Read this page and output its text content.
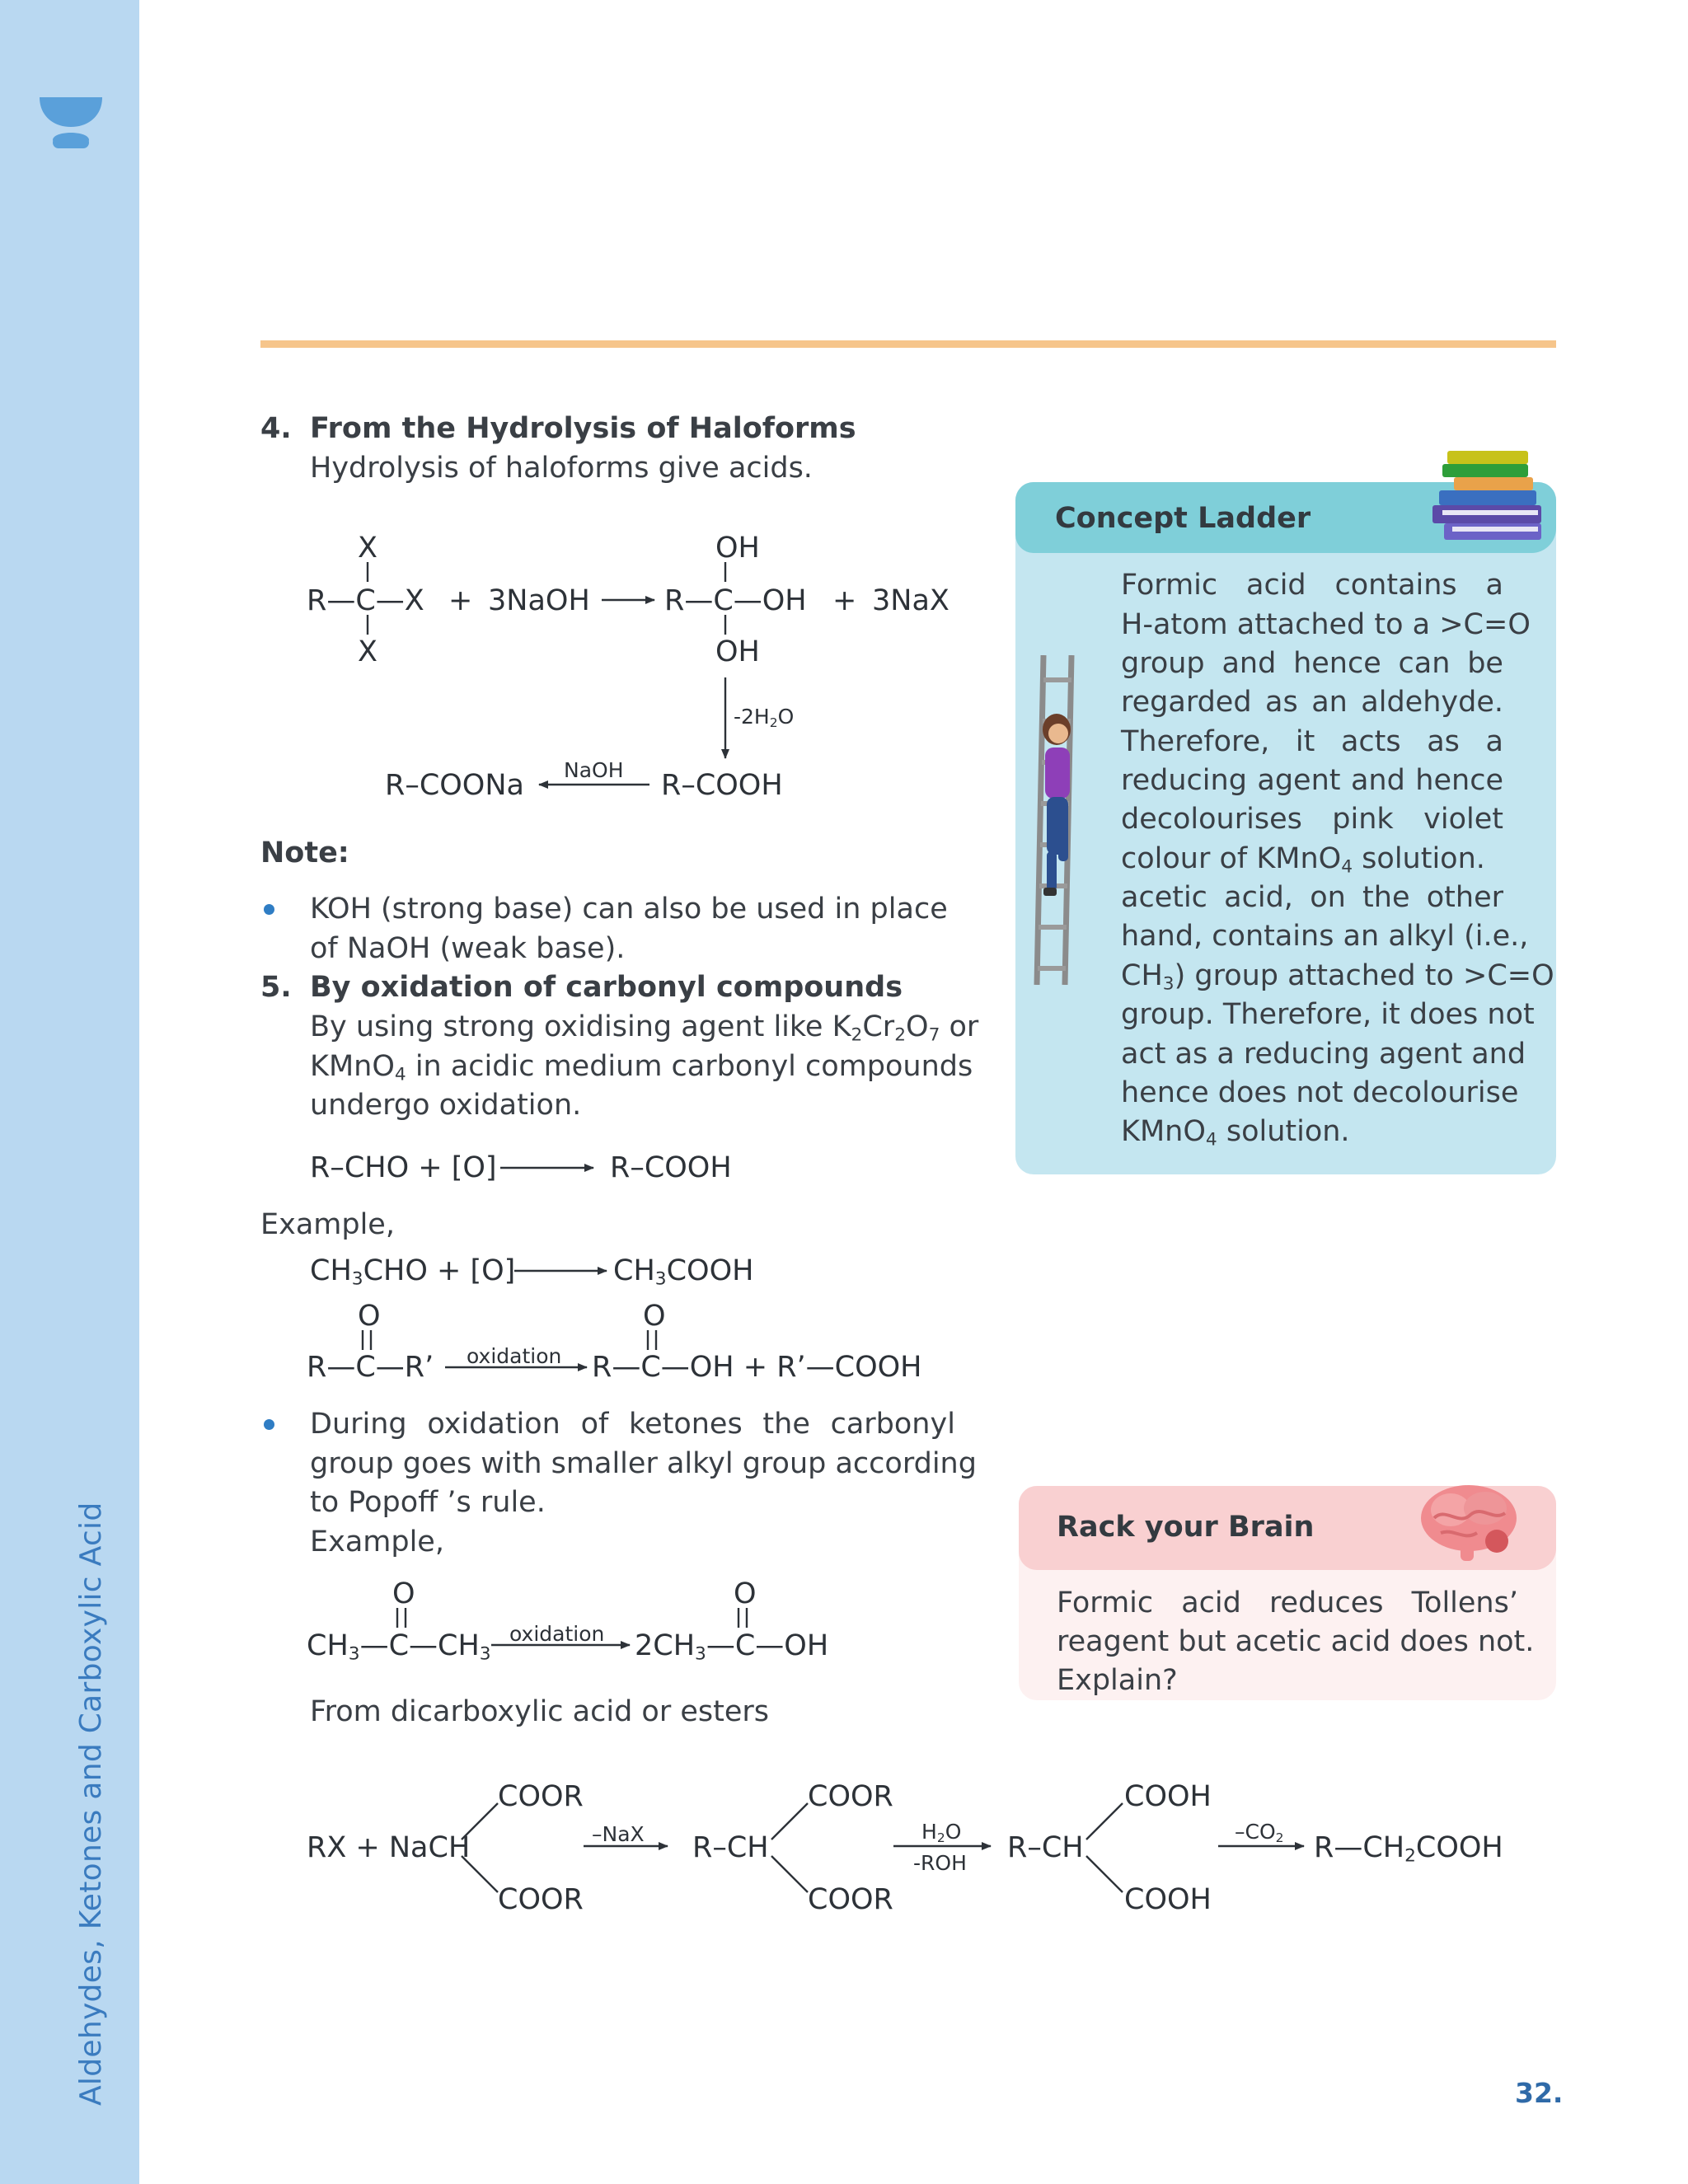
Aldehydes, Ketones and Carboxylic Acid
4. From the Hydrolysis of Haloforms
Hydrolysis of haloforms give acids.
X
R—C—X
X
+ 3NaOH
OH
R—C—OH
OH
+ 3NaX
$-2H_2O$
R–COOH
NaOH
R–COONa
Note:
KOH (strong base) can also be used in place
of NaOH (weak base).
5. By oxidation of carbonyl compounds
By using strong oxidising agent like $K_2Cr_2O_7$ or
KMnO$_4$ in acidic medium carbonyl compounds
undergo oxidation.
R–CHO + [O]	R–COOH
Example,
$CH_3CHO + [O]$	$CH_3COOH$
O
R—C—R’ oxidation
O
R—C—OH + R’—COOH
During oxidation of ketones the carbonyl
group goes with smaller alkyl group according
to Popoff ’s rule.
Example,
O
$CH_3—C—CH_3$
oxidation
O
$2CH_3—C—OH$
From dicarboxylic acid or esters
RX + NaCH
COOR
COOR
–NaX R–CH
COOR
COOR
$H_2O$
-ROH R–CH
COOH
COOH
$-CO_2$ $R—CH_2COOH$
Concept Ladder
Formic acid contains a
H-atom attached to a >C=O
group and hence can be
regarded as an aldehyde.
Therefore, it acts as a
reducing agent and hence
decolourises pink violet
colour of KMnO$_4$ solution.
acetic acid, on the other
hand, contains an alkyl (i.e.,
$CH_3$) group attached to >C=O
group. Therefore, it does not
act as a reducing agent and
hence does not decolourise
KMnO$_4$ solution.
Rack your Brain
Formic acid reduces Tollens’
reagent but acetic acid does not.
Explain?
32.
